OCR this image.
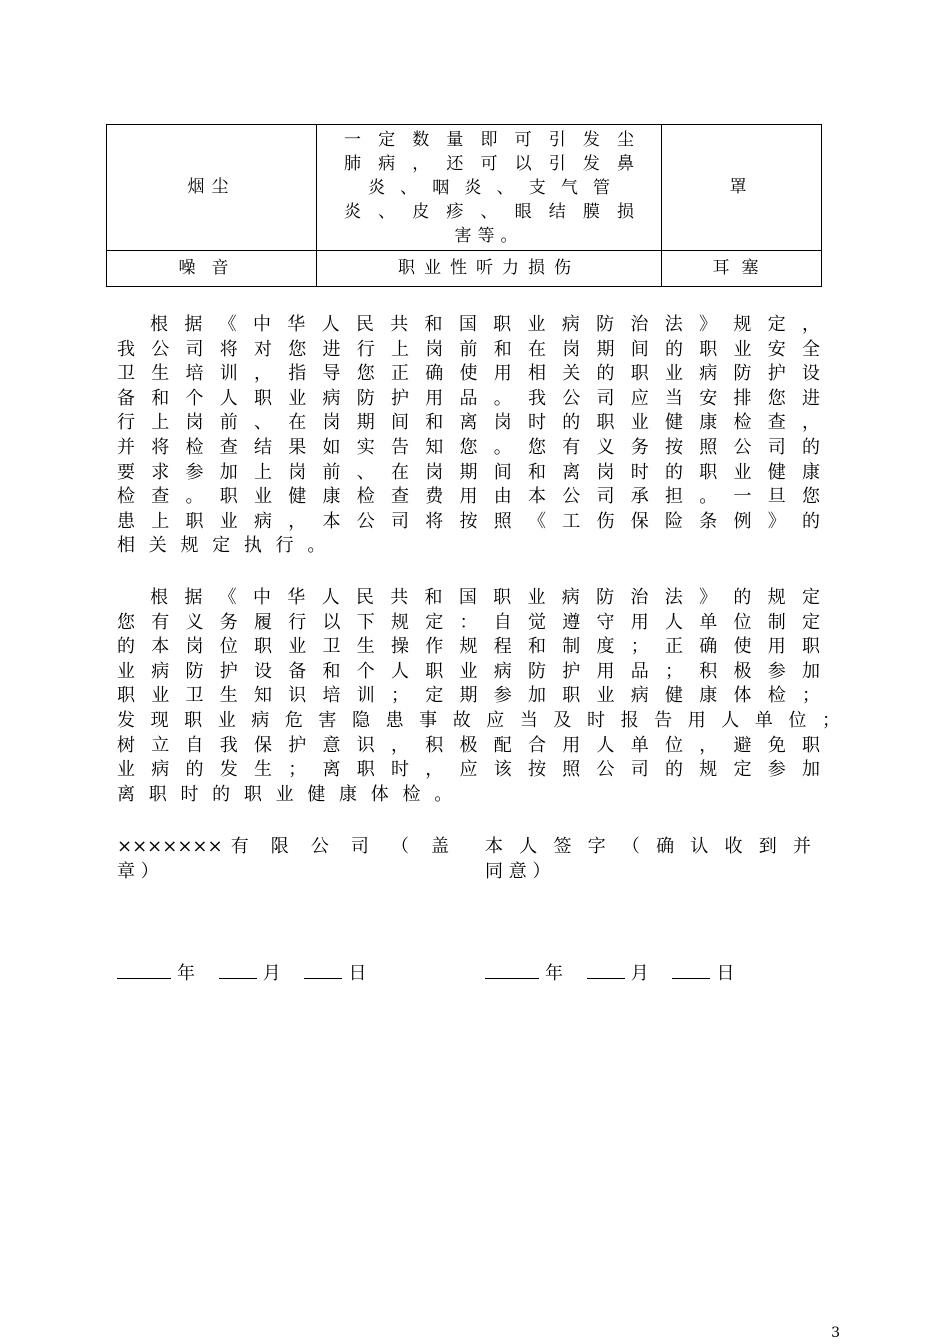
烟尘	一定数量即可引发尘
肺病，还可以引发鼻
炎、咽炎、支气管
炎、皮疹、眼结膜损
害等。	罩
噪音	职业性听力损伤	耳塞
根 据 《 中 华 人 民 共 和 国 职 业 病 防 治 法 》 规 定 ，
我公司将对您进行上岗前和在岗期间的职业安全
卫生培训，指导您正确使用相关的职业病防护设
备和个人职业病防护用品。我公司应当安排您进
行上岗前、在岗期间和离岗时的职业健康检查，
并将检查结果如实告知您。您有义务按照公司的
要求参加上岗前、在岗期间和离岗时的职业健康
检查。职业健康检查费用由本公司承担。一旦您
患上职业病，本公司将按照《工伤保险条例》的
相 关 规 定 执 行 。
根 据 《 中 华 人 民 共 和 国 职 业 病 防 治 法 》 的 规 定
您有义务履行以下规定：自觉遵守用人单位制定
的本岗位职业卫生操作规程和制度；正确使用职
业病防护设备和个人职业病防护用品；积极参加
职业卫生知识培训；定期参加职业病健康体检；
发现职业病危害隐患事故应当及时报告用人单位；
树立自我保护意识，积极配合用人单位，避免职
业病的发生；离职时，应该按照公司的规定参加
离 职 时 的 职 业 健 康 体 检 。
×××××××有 限 公 司 （ 盖
章 ）
本 人 签 字 （ 确 认 收 到 并
同 意 ）
年	月	日	年	月	日
3
